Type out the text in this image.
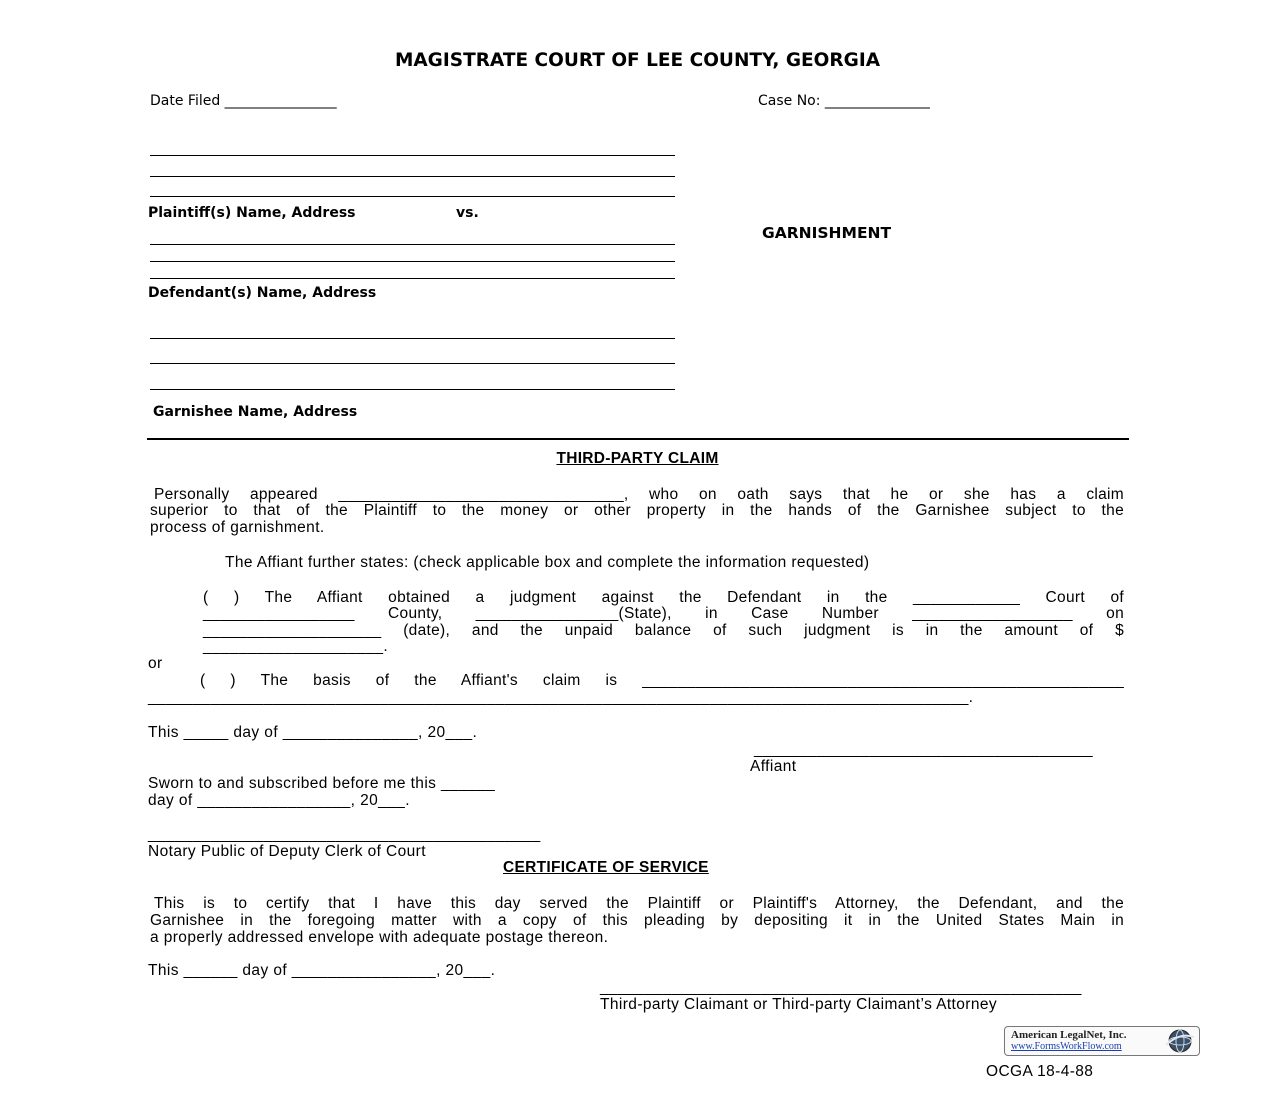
MAGISTRATE COURT OF LEE COUNTY, GEORGIA
Date Filed ________________	Case No: _______________
Plaintiff(s) Name, Address	vs.
GARNISHMENT
Defendant(s) Name, Address
Garnishee Name, Address
THIRD-PARTY CLAIM
Personally appeared ________________________________, who on oath says that he or she has a claim
superior to that of the Plaintiff to the money or other property in the hands of the Garnishee subject to the
process of garnishment.
The Affiant further states: (check applicable box and complete the information requested)
( ) The Affiant obtained a judgment against the Defendant in the ____________ Court of
_________________ County, ________________(State), in Case Number __________________ on
____________________ (date), and the unpaid balance of such judgment is in the amount of $
____________________.
or
( ) The basis of the Affiant's claim is ______________________________________________________
____________________________________________________________________________________________.
This _____ day of _______________, 20___.
______________________________________
Affiant
Sworn to and subscribed before me this ______
day of _________________, 20___.
____________________________________________
Notary Public of Deputy Clerk of Court
CERTIFICATE OF SERVICE
This is to certify that I have this day served the Plaintiff or Plaintiff's Attorney, the Defendant, and the
Garnishee in the foregoing matter with a copy of this pleading by depositing it in the United States Main in
a properly addressed envelope with adequate postage thereon.
This ______ day of ________________, 20___.
______________________________________________________
Third-party Claimant or Third-party Claimant’s Attorney
American LegalNet, Inc.
www.FormsWorkFlow.com
OCGA 18-4-88
